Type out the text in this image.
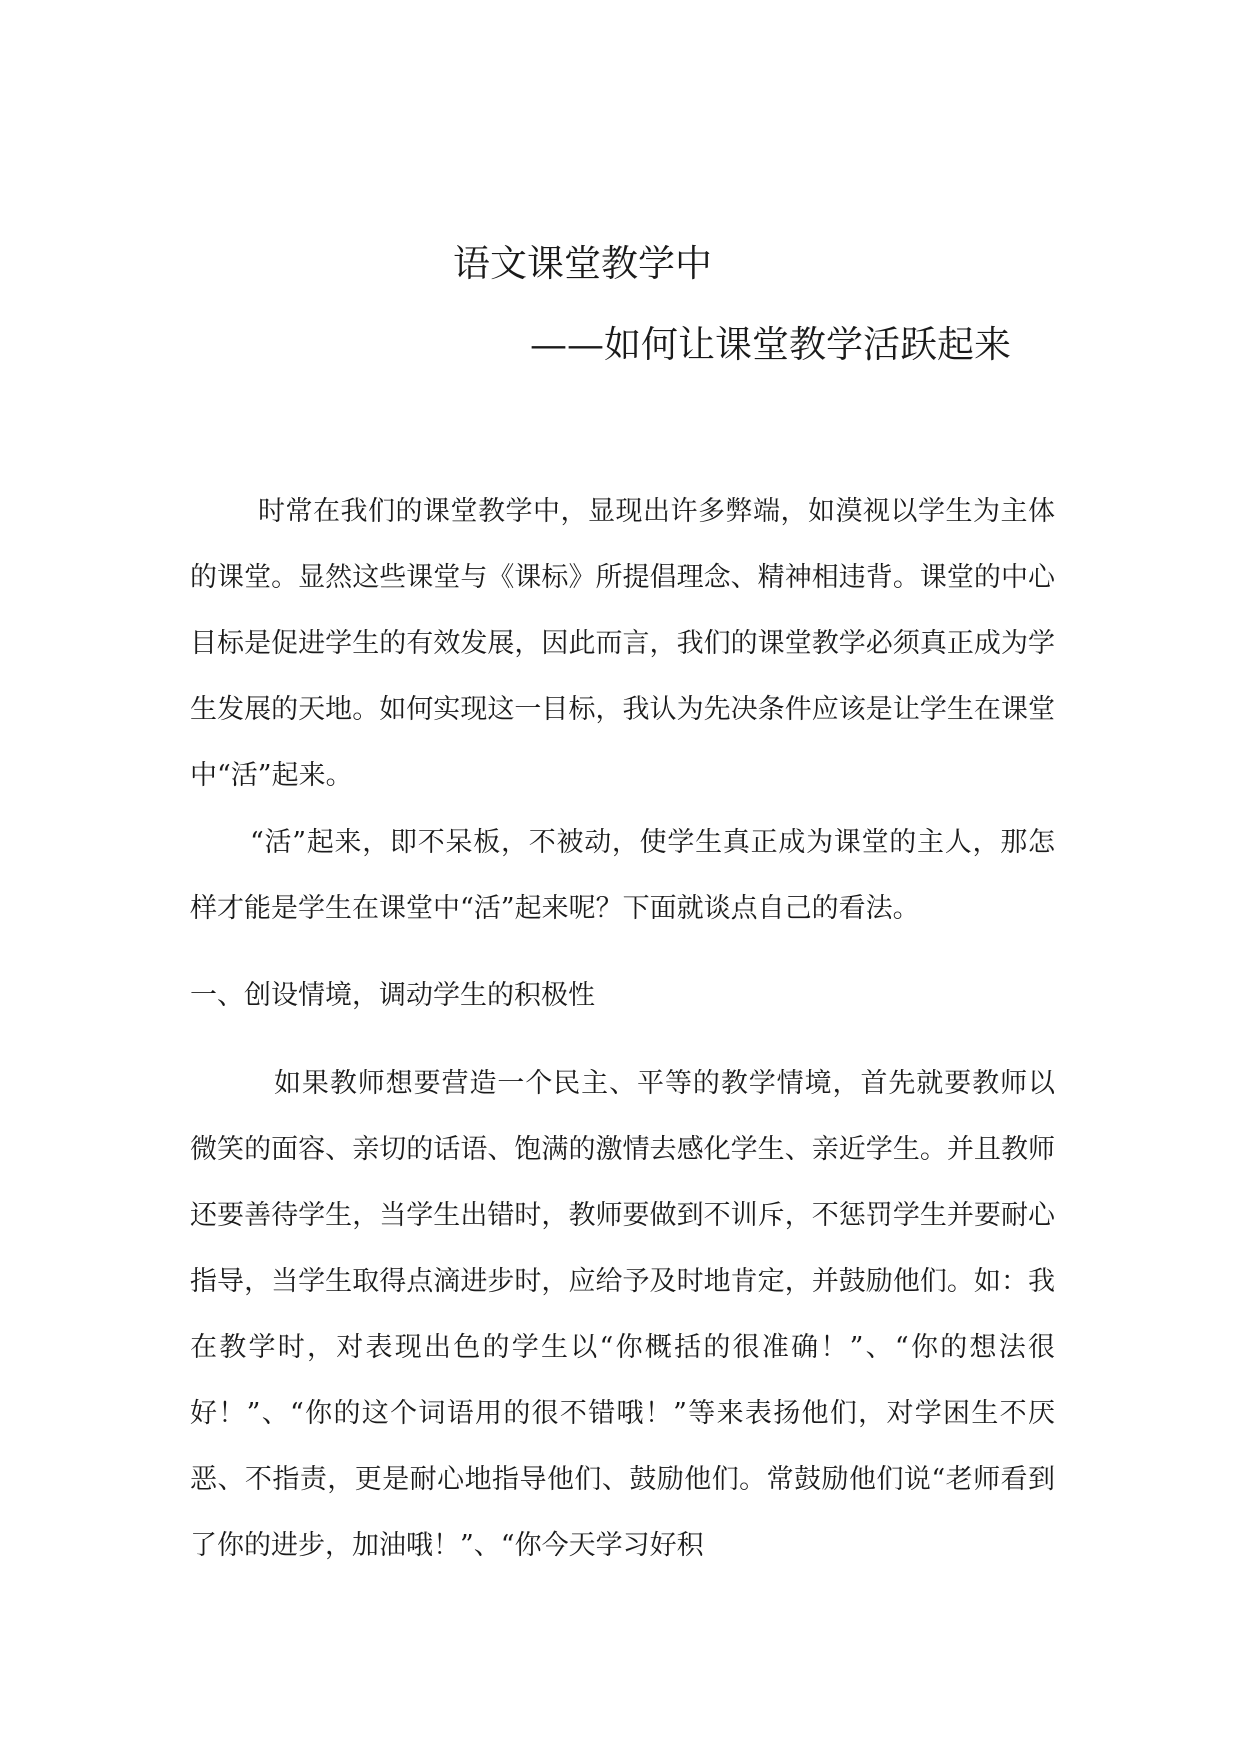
语文课堂教学中
——如何让课堂教学活跃起来

时常在我们的课堂教学中，显现出许多弊端，如漠视以学生为主体的课堂。显然这些课堂与《课标》所提倡理念、精神相违背。课堂的中心目标是促进学生的有效发展，因此而言，我们的课堂教学必须真正成为学生发展的天地。如何实现这一目标，我认为先决条件应该是让学生在课堂中“活”起来。

“活”起来，即不呆板，不被动，使学生真正成为课堂的主人，那怎样才能是学生在课堂中“活”起来呢？下面就谈点自己的看法。

一、创设情境，调动学生的积极性

如果教师想要营造一个民主、平等的教学情境，首先就要教师以微笑的面容、亲切的话语、饱满的激情去感化学生、亲近学生。并且教师还要善待学生，当学生出错时，教师要做到不训斥，不惩罚学生并要耐心指导，当学生取得点滴进步时，应给予及时地肯定，并鼓励他们。如：我在教学时，对表现出色的学生以“你概括的很准确！”、“你的想法很好！”、“你的这个词语用的很不错哦！”等来表扬他们，对学困生不厌恶、不指责，更是耐心地指导他们、鼓励他们。常鼓励他们说“老师看到了你的进步，加油哦！”、“你今天学习好积
